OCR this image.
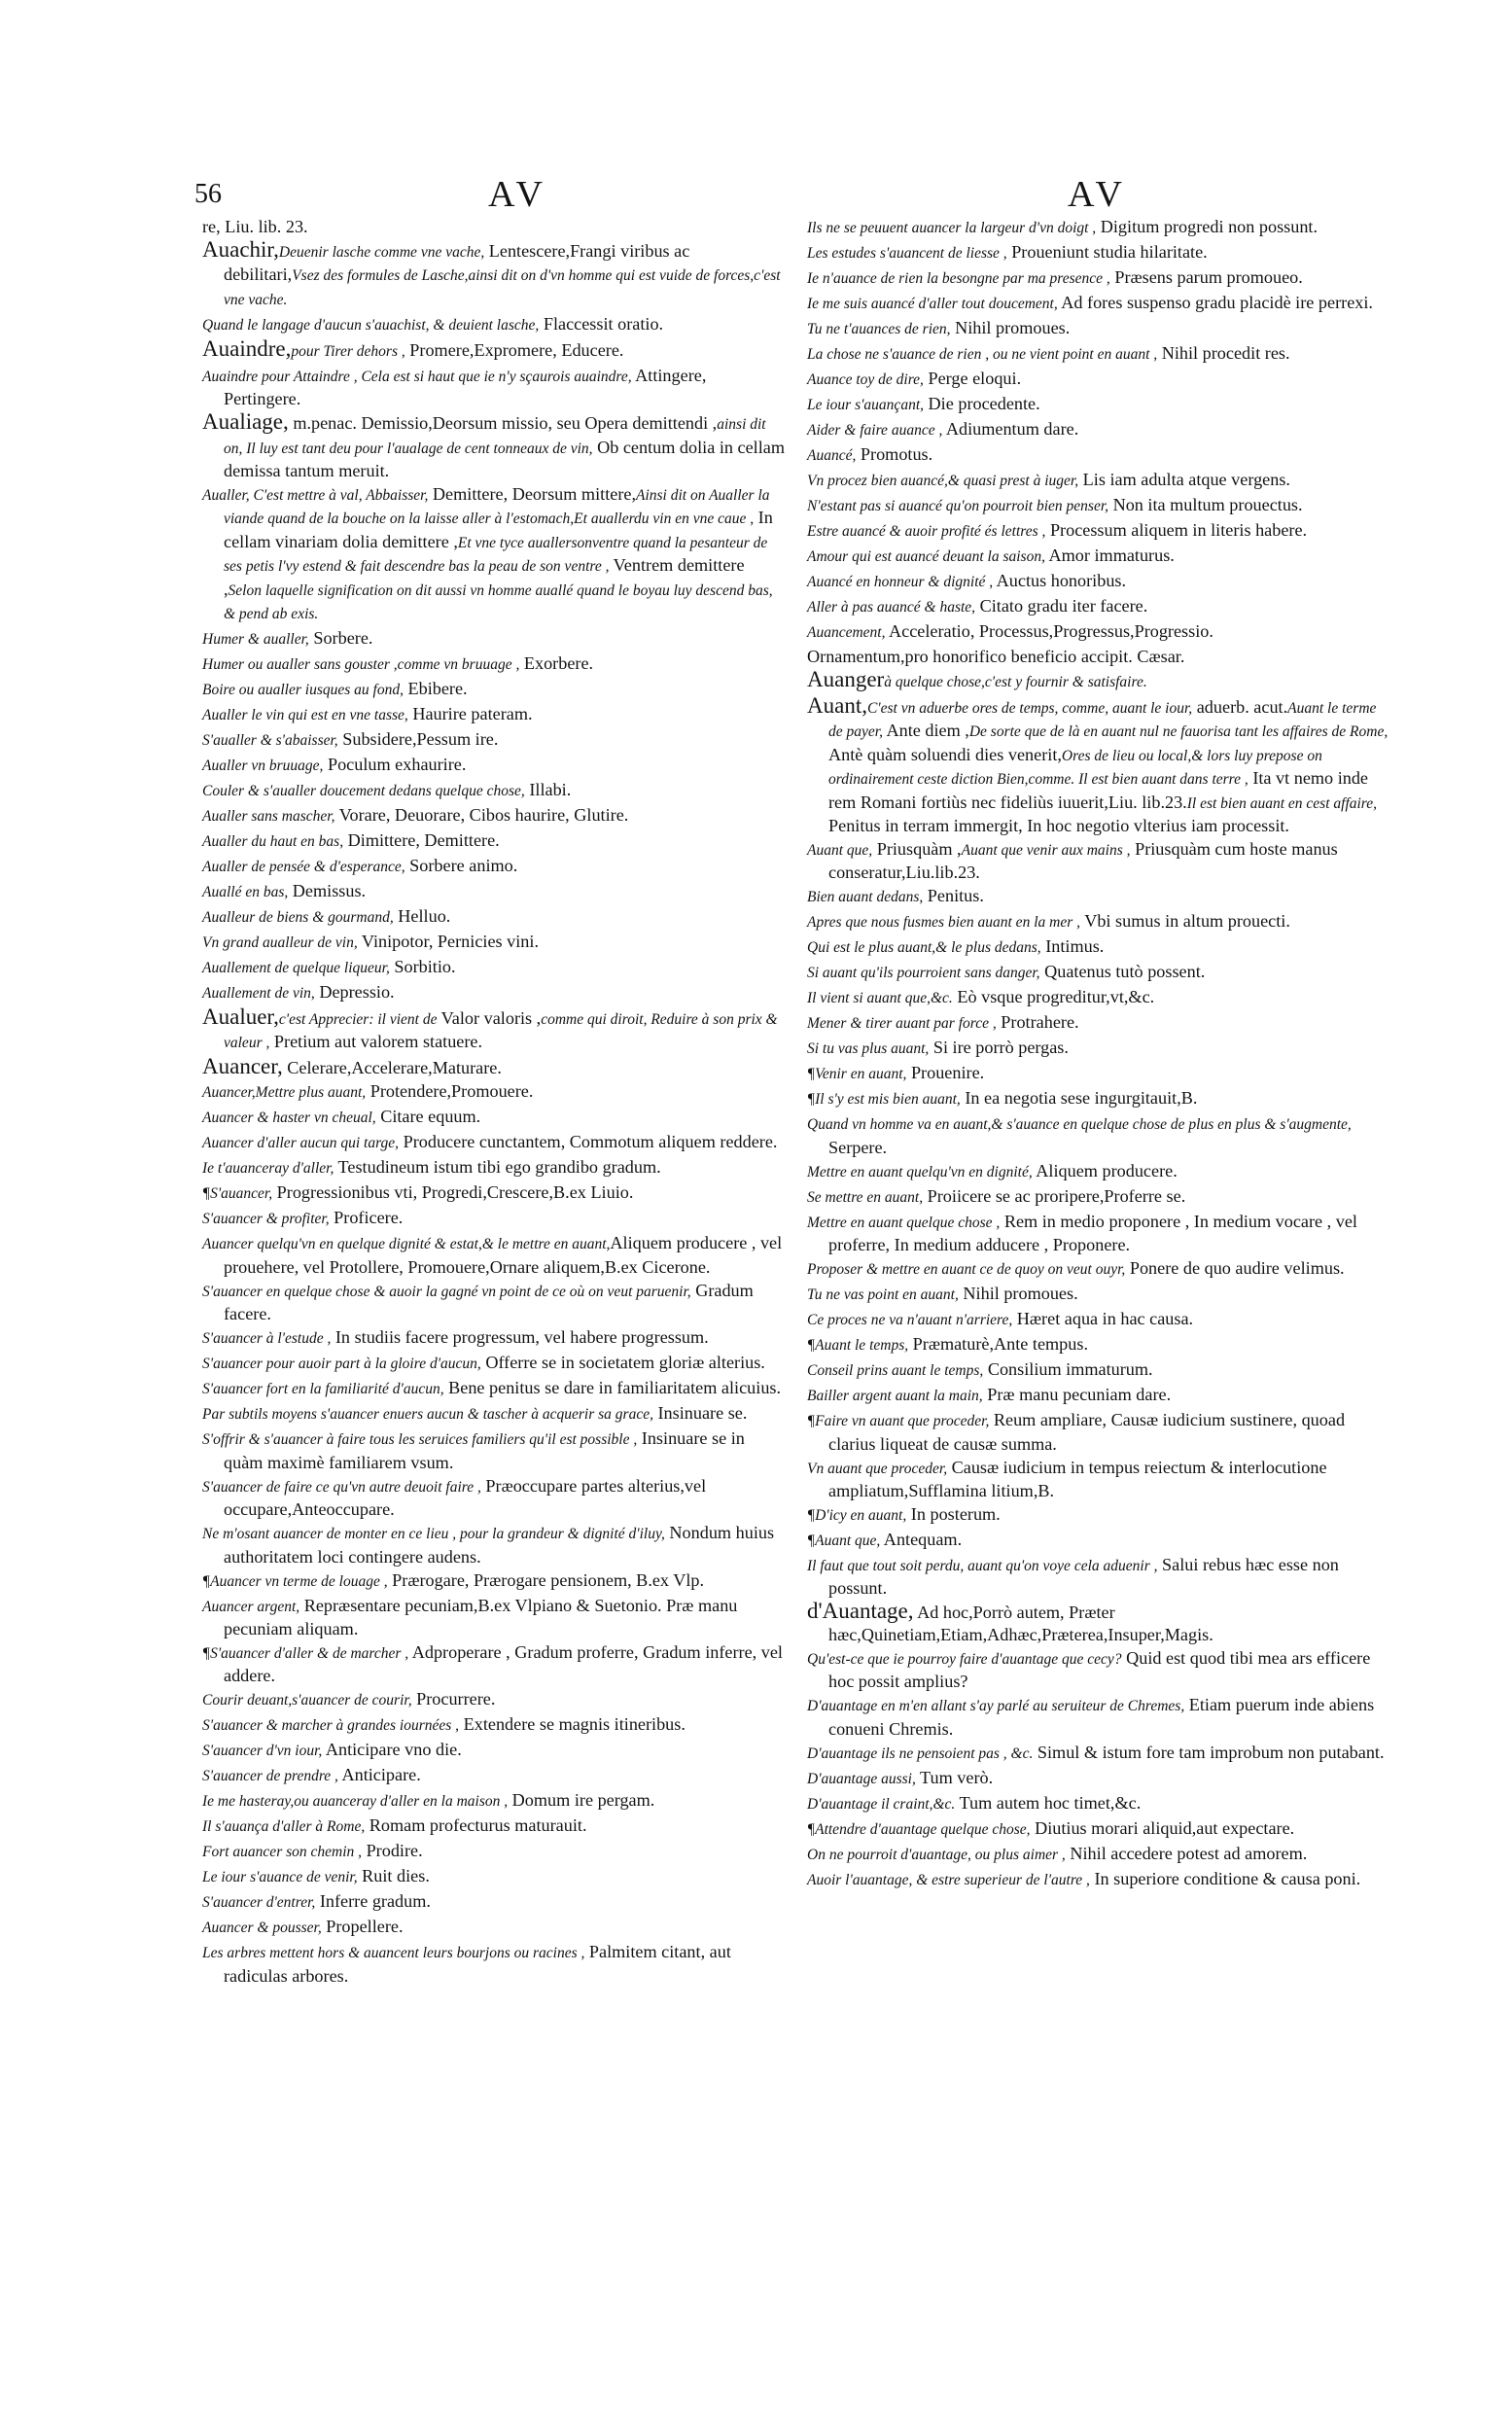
56	AV	AV

re, Liu. lib. 23.

Auachir,Deuenir lasche comme vne vache, Lentescere,Frangi viribus ac debilitari,Vsez des formules de Lasche,ainsi dit on d'vn homme qui est vuide de forces,c'est vne vache.

Quand le langage d'aucun s'auachist, & deuient lasche, Flaccessit oratio.

Auaindre,pour Tirer dehors , Promere,Expromere, Educere.

Auaindre pour Attaindre , Cela est si haut que ie n'y sçaurois auaindre, Attingere, Pertingere.

Aualiage, m.penac. Demissio,Deorsum missio, seu Opera demittendi ,ainsi dit on, Il luy est tant deu pour l'aualage de cent tonneaux de vin, Ob centum dolia in cellam demissa tantum meruit.

Aualler, C'est mettre à val, Abbaisser, Demittere, Deorsum mittere,Ainsi dit on Aualler la viande quand de la bouche on la laisse aller à l'estomach,Et auallerdu vin en vne caue , In cellam vinariam dolia demittere ,Et vne tyce auallersonventre quand la pesanteur de ses petis l'vy estend & fait descendre bas la peau de son ventre , Ventrem demittere ,Selon laquelle signification on dit aussi vn homme auallé quand le boyau luy descend bas, & pend ab exis.

Humer & aualler, Sorbere.

Humer ou aualler sans gouster ,comme vn bruuage , Exorbere.

Boire ou aualler iusques au fond, Ebibere.

Aualler le vin qui est en vne tasse, Haurire pateram.

S'aualler & s'abaisser, Subsidere,Pessum ire.

Aualler vn bruuage, Poculum exhaurire.

Couler & s'aualler doucement dedans quelque chose, Illabi.

Aualler sans mascher, Vorare, Deuorare, Cibos haurire, Glutire.

Aualler du haut en bas, Dimittere, Demittere.

Aualler de pensée & d'esperance, Sorbere animo.

Auallé en bas, Demissus.

Aualleur de biens & gourmand, Helluo.

Vn grand aualleur de vin, Vinipotor, Pernicies vini.

Auallement de quelque liqueur, Sorbitio.

Auallement de vin, Depressio.

Aualuer,c'est Apprecier: il vient de Valor valoris ,comme qui diroit, Reduire à son prix & valeur , Pretium aut valorem statuere.

Auancer, Celerare,Accelerare,Maturare.

Auancer,Mettre plus auant, Protendere,Promouere.

Auancer & haster vn cheual, Citare equum.

Auancer d'aller aucun qui targe, Producere cunctantem, Commotum aliquem reddere.

Ie t'auanceray d'aller, Testudineum istum tibi ego grandibo gradum.

¶S'auancer, Progressionibus vti, Progredi,Crescere,B.ex Liuio.

S'auancer & profiter, Proficere.

Auancer quelqu'vn en quelque dignité & estat,& le mettre en auant,Aliquem producere , vel prouehere, vel Protollere, Promouere,Ornare aliquem,B.ex Cicerone.

S'auancer en quelque chose & auoir la gagné vn point de ce où on veut paruenir, Gradum facere.

S'auancer à l'estude , In studiis facere progressum, vel habere progressum.

S'auancer pour auoir part à la gloire d'aucun, Offerre se in societatem gloriæ alterius.

S'auancer fort en la familiarité d'aucun, Bene penitus se dare in familiaritatem alicuius.

Par subtils moyens s'auancer enuers aucun & tascher à acquerir sa grace, Insinuare se.

S'offrir & s'auancer à faire tous les seruices familiers qu'il est possible , Insinuare se in quàm maximè familiarem vsum.

S'auancer de faire ce qu'vn autre deuoit faire , Præoccupare partes alterius,vel occupare,Anteoccupare.

Ne m'osant auancer de monter en ce lieu , pour la grandeur & dignité d'iluy, Nondum huius authoritatem loci contingere audens.

¶Auancer vn terme de louage , Prærogare, Prærogare pensionem, B.ex Vlp.

Auancer argent, Repræsentare pecuniam,B.ex Vlpiano & Suetonio. Præ manu pecuniam aliquam.

¶S'auancer d'aller & de marcher , Adproperare , Gradum proferre, Gradum inferre, vel addere.

Courir deuant,s'auancer de courir, Procurrere.

S'auancer & marcher à grandes iournées , Extendere se magnis itineribus.

S'auancer d'vn iour, Anticipare vno die.

S'auancer de prendre , Anticipare.

Ie me hasteray,ou auanceray d'aller en la maison , Domum ire pergam.

Il s'auança d'aller à Rome, Romam profecturus maturauit.

Fort auancer son chemin , Prodire.

Le iour s'auance de venir, Ruit dies.

S'auancer d'entrer, Inferre gradum.

Auancer & pousser, Propellere.

Les arbres mettent hors & auancent leurs bourjons ou racines , Palmitem citant, aut radiculas arbores.

Ils ne se peuuent auancer la largeur d'vn doigt , Digitum progredi non possunt.

Les estudes s'auancent de liesse , Proueniunt studia hilaritate.

Ie n'auance de rien la besongne par ma presence , Præsens parum promoueo.

Ie me suis auancé d'aller tout doucement, Ad fores suspenso gradu placidè ire perrexi.

Tu ne t'auances de rien, Nihil promoues.

La chose ne s'auance de rien , ou ne vient point en auant , Nihil procedit res.

Auance toy de dire, Perge eloqui.

Le iour s'auançant, Die procedente.

Aider & faire auance , Adiumentum dare.

Auancé, Promotus.

Vn procez bien auancé,& quasi prest à iuger, Lis iam adulta atque vergens.

N'estant pas si auancé qu'on pourroit bien penser, Non ita multum prouectus.

Estre auancé & auoir profité és lettres , Processum aliquem in literis habere.

Amour qui est auancé deuant la saison, Amor immaturus.

Auancé en honneur & dignité , Auctus honoribus.

Aller à pas auancé & haste, Citato gradu iter facere.

Auancement, Acceleratio, Processus,Progressus,Progressio.

Ornamentum,pro honorifico beneficio accipit. Cæsar.

Auangerà quelque chose,c'est y fournir & satisfaire.

Auant,C'est vn aduerbe ores de temps, comme, auant le iour, aduerb. acut.Auant le terme de payer, Ante diem ,De sorte que de là en auant nul ne fauorisa tant les affaires de Rome, Antè quàm soluendi dies venerit,Ores de lieu ou local,& lors luy prepose on ordinairement ceste diction Bien,comme. Il est bien auant dans terre , Ita vt nemo inde rem Romani fortiùs nec fideliùs iuuerit,Liu. lib.23.Il est bien auant en cest affaire, Penitus in terram immergit, In hoc negotio vlterius iam processit.

Auant que, Priusquàm ,Auant que venir aux mains , Priusquàm cum hoste manus conseratur,Liu.lib.23.

Bien auant dedans, Penitus.

Apres que nous fusmes bien auant en la mer , Vbi sumus in altum prouecti.

Qui est le plus auant,& le plus dedans, Intimus.

Si auant qu'ils pourroient sans danger, Quatenus tutò possent.

Il vient si auant que,&c. Eò vsque progreditur,vt,&c.

Mener & tirer auant par force , Protrahere.

Si tu vas plus auant, Si ire porrò pergas.

¶Venir en auant, Prouenire.

¶Il s'y est mis bien auant, In ea negotia sese ingurgitauit,B.

Quand vn homme va en auant,& s'auance en quelque chose de plus en plus & s'augmente, Serpere.

Mettre en auant quelqu'vn en dignité, Aliquem producere.

Se mettre en auant, Proiicere se ac proripere,Proferre se.

Mettre en auant quelque chose , Rem in medio proponere , In medium vocare , vel proferre, In medium adducere , Proponere.

Proposer & mettre en auant ce de quoy on veut ouyr, Ponere de quo audire velimus.

Tu ne vas point en auant, Nihil promoues.

Ce proces ne va n'auant n'arriere, Hæret aqua in hac causa.

¶Auant le temps, Præmaturè,Ante tempus.

Conseil prins auant le temps, Consilium immaturum.

Bailler argent auant la main, Præ manu pecuniam dare.

¶Faire vn auant que proceder, Reum ampliare, Causæ iudicium sustinere, quoad clarius liqueat de causæ summa.

Vn auant que proceder, Causæ iudicium in tempus reiectum & interlocutione ampliatum,Sufflamina litium,B.

¶D'icy en auant, In posterum.

¶Auant que, Antequam.

Il faut que tout soit perdu, auant qu'on voye cela aduenir , Salui rebus hæc esse non possunt.

d'Auantage, Ad hoc,Porrò autem, Præter hæc,Quinetiam,Etiam,Adhæc,Præterea,Insuper,Magis.

Qu'est-ce que ie pourroy faire d'auantage que cecy? Quid est quod tibi mea ars efficere hoc possit amplius?

D'auantage en m'en allant s'ay parlé au seruiteur de Chremes, Etiam puerum inde abiens conueni Chremis.

D'auantage ils ne pensoient pas , &c. Simul & istum fore tam improbum non putabant.

D'auantage aussi, Tum verò.

D'auantage il craint,&c. Tum autem hoc timet,&c.

¶Attendre d'auantage quelque chose, Diutius morari aliquid,aut expectare.

On ne pourroit d'auantage, ou plus aimer , Nihil accedere potest ad amorem.

Auoir l'auantage, & estre superieur de l'autre , In superiore conditione & causa poni.
